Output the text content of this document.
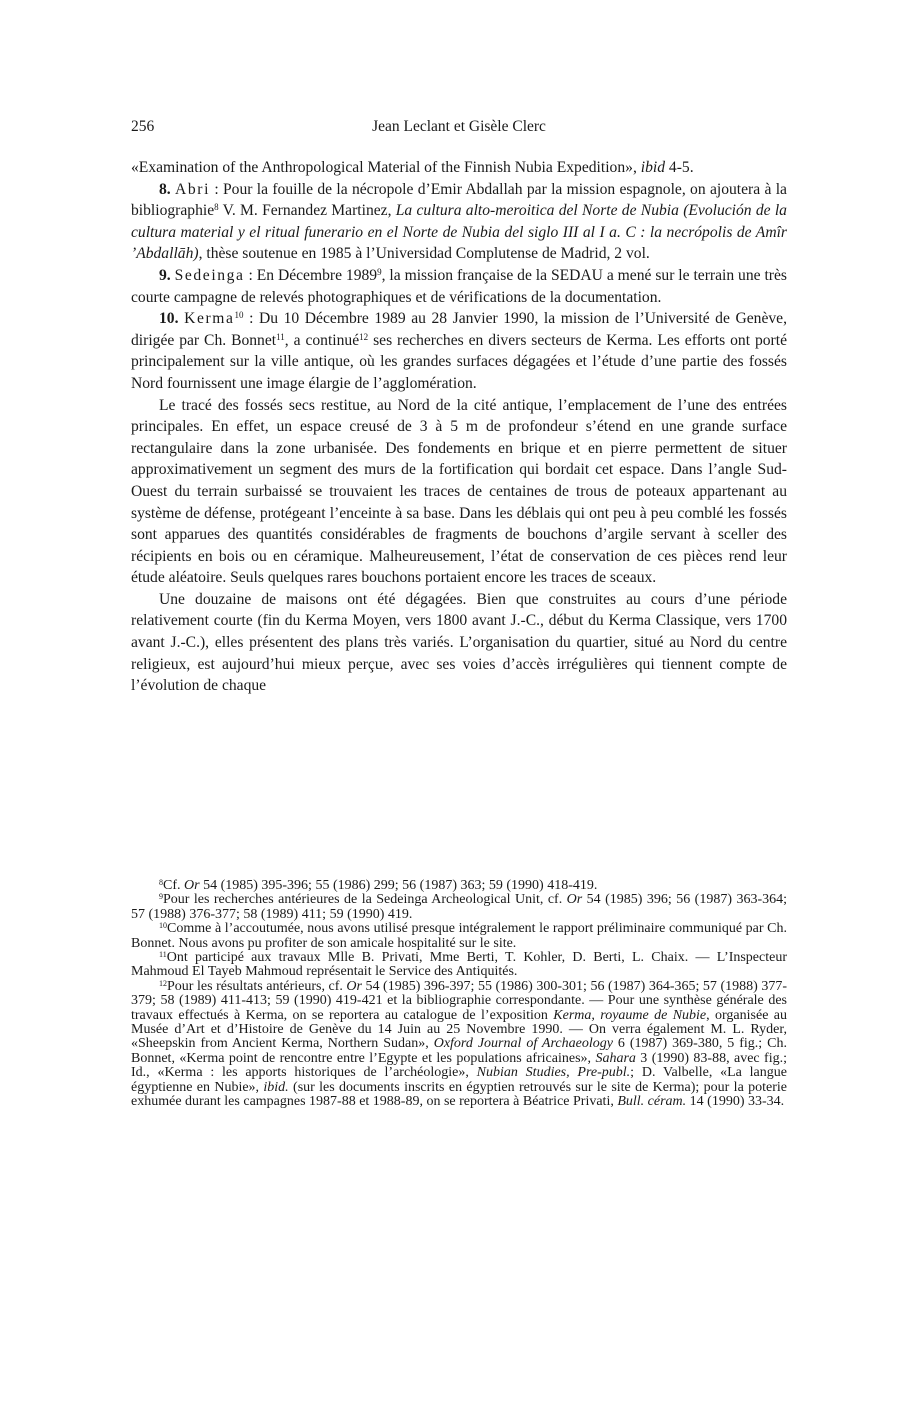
256	Jean Leclant et Gisèle Clerc

«Examination of the Anthropological Material of the Finnish Nubia Expedition», ibid 4-5.

8. Abri : Pour la fouille de la nécropole d’Emir Abdallah par la mission espagnole, on ajoutera à la bibliographie$^8$ V. M. Fernandez Martinez, La cultura alto-meroitica del Norte de Nubia (Evolución de la cultura material y el ritual funerario en el Norte de Nubia del siglo III al I a. C : la necrópolis de Amîr ’Abdallāh), thèse soutenue en 1985 à l’Universidad Complutense de Madrid, 2 vol.

9. Sedeinga : En Décembre 1989$^9$, la mission française de la SEDAU a mené sur le terrain une très courte campagne de relevés photographiques et de vérifications de la documentation.

10. Kerma$^{10}$ : Du 10 Décembre 1989 au 28 Janvier 1990, la mission de l’Université de Genève, dirigée par Ch. Bonnet$^{11}$, a continué$^{12}$ ses recherches en divers secteurs de Kerma. Les efforts ont porté principalement sur la ville antique, où les grandes surfaces dégagées et l’étude d’une partie des fossés Nord fournissent une image élargie de l’agglomération.

Le tracé des fossés secs restitue, au Nord de la cité antique, l’emplacement de l’une des entrées principales. En effet, un espace creusé de 3 à 5 m de profondeur s’étend en une grande surface rectangulaire dans la zone urbanisée. Des fondements en brique et en pierre permettent de situer approximativement un segment des murs de la fortification qui bordait cet espace. Dans l’angle Sud-Ouest du terrain surbaissé se trouvaient les traces de centaines de trous de poteaux appartenant au système de défense, protégeant l’enceinte à sa base. Dans les déblais qui ont peu à peu comblé les fossés sont apparues des quantités considérables de fragments de bouchons d’argile servant à sceller des récipients en bois ou en céramique. Malheureusement, l’état de conservation de ces pièces rend leur étude aléatoire. Seuls quelques rares bouchons portaient encore les traces de sceaux.

Une douzaine de maisons ont été dégagées. Bien que construites au cours d’une période relativement courte (fin du Kerma Moyen, vers 1800 avant J.-C., début du Kerma Classique, vers 1700 avant J.-C.), elles présentent des plans très variés. L’organisation du quartier, situé au Nord du centre religieux, est aujourd’hui mieux perçue, avec ses voies d’accès irrégulières qui tiennent compte de l’évolution de chaque

$^8$Cf. Or 54 (1985) 395-396; 55 (1986) 299; 56 (1987) 363; 59 (1990) 418-419.

$^9$Pour les recherches antérieures de la Sedeinga Archeological Unit, cf. Or 54 (1985) 396; 56 (1987) 363-364; 57 (1988) 376-377; 58 (1989) 411; 59 (1990) 419.

$^{10}$Comme à l’accoutumée, nous avons utilisé presque intégralement le rapport préliminaire communiqué par Ch. Bonnet. Nous avons pu profiter de son amicale hospitalité sur le site.

$^{11}$Ont participé aux travaux Mlle B. Privati, Mme Berti, T. Kohler, D. Berti, L. Chaix. — L’Inspecteur Mahmoud El Tayeb Mahmoud représentait le Service des Antiquités.

$^{12}$Pour les résultats antérieurs, cf. Or 54 (1985) 396-397; 55 (1986) 300-301; 56 (1987) 364-365; 57 (1988) 377-379; 58 (1989) 411-413; 59 (1990) 419-421 et la bibliographie correspondante. — Pour une synthèse générale des travaux effectués à Kerma, on se reportera au catalogue de l’exposition Kerma, royaume de Nubie, organisée au Musée d’Art et d’Histoire de Genève du 14 Juin au 25 Novembre 1990. — On verra également M. L. Ryder, «Sheepskin from Ancient Kerma, Northern Sudan», Oxford Journal of Archaeology 6 (1987) 369-380, 5 fig.; Ch. Bonnet, «Kerma point de rencontre entre l’Egypte et les populations africaines», Sahara 3 (1990) 83-88, avec fig.; Id., «Kerma : les apports historiques de l’archéologie», Nubian Studies, Pre-publ.; D. Valbelle, «La langue égyptienne en Nubie», ibid. (sur les documents inscrits en égyptien retrouvés sur le site de Kerma); pour la poterie exhumée durant les campagnes 1987-88 et 1988-89, on se reportera à Béatrice Privati, Bull. céram. 14 (1990) 33-34.
